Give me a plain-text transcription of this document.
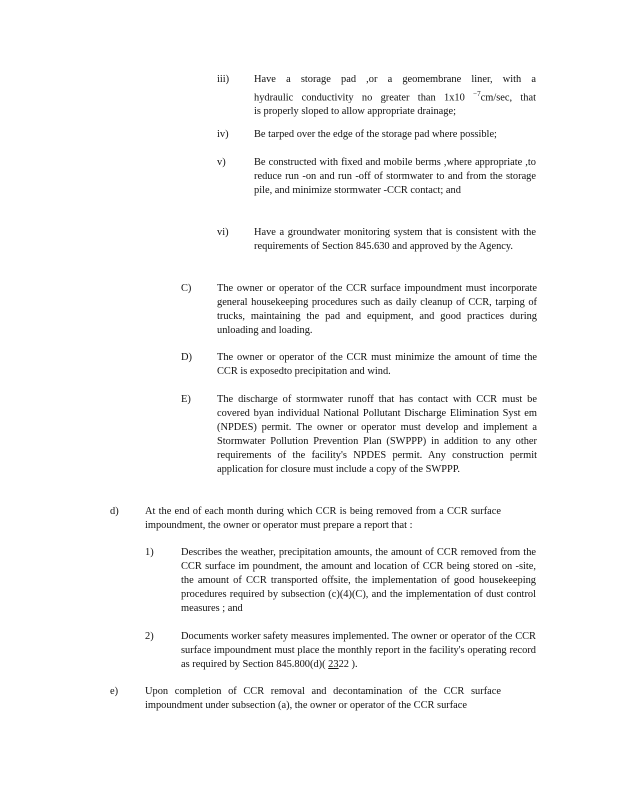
iii) Have a storage pad ,or a geomembrane liner, with a

hydraulic conductivity no greater than 1x10 $^{-7}$cm/sec, that

is properly sloped to allow appropriate drainage;

iv) Be tarped over the edge of the storage pad where possible;
v)	Be constructed with fixed and mobile berms ,where appropriate ,to reduce run -on and run -off of stormwater to and from the storage pile, and minimize stormwater -CCR contact; and
vi) Have a groundwater monitoring system that is consistent with the requirements of Section 845.630 and approved by the Agency.
C) The owner or operator of the CCR surface impoundment must incorporate general housekeeping procedures such as daily cleanup of CCR, tarping of trucks, maintaining the pad and equipment, and good practices during unloading and loading.
D) The owner or operator of the CCR must minimize the amount of time the CCR is exposedto precipitation and wind.
E)	The discharge of stormwater runoff that has contact with CCR must be covered byan individual National Pollutant Discharge Elimination Syst em (NPDES) permit. The owner or operator must develop and implement a Stormwater Pollution Prevention Plan (SWPPP) in addition to any other requirements of the facility's NPDES permit. Any construction permit application for closure must include a copy of the SWPPP.
d)	At the end of each month during which CCR is being removed from a CCR surface impoundment, the owner or operator must prepare a report that :
1)	Describes the weather, precipitation amounts, the amount of CCR removed from the CCR surface im poundment, the amount and location of CCR being stored on -site, the amount of CCR transported offsite, the implementation of good housekeeping procedures required by subsection (c)(4)(C), and the implementation of dust control measures ; and
2)	Documents worker safety measures implemented. The owner or operator of the CCR surface impoundment must place the monthly report in the facility's operating record as required by Section 845.800(d)( 2322 ).
e)	Upon completion of CCR removal and decontamination of the CCR surface impoundment under subsection (a), the owner or operator of the CCR surface
